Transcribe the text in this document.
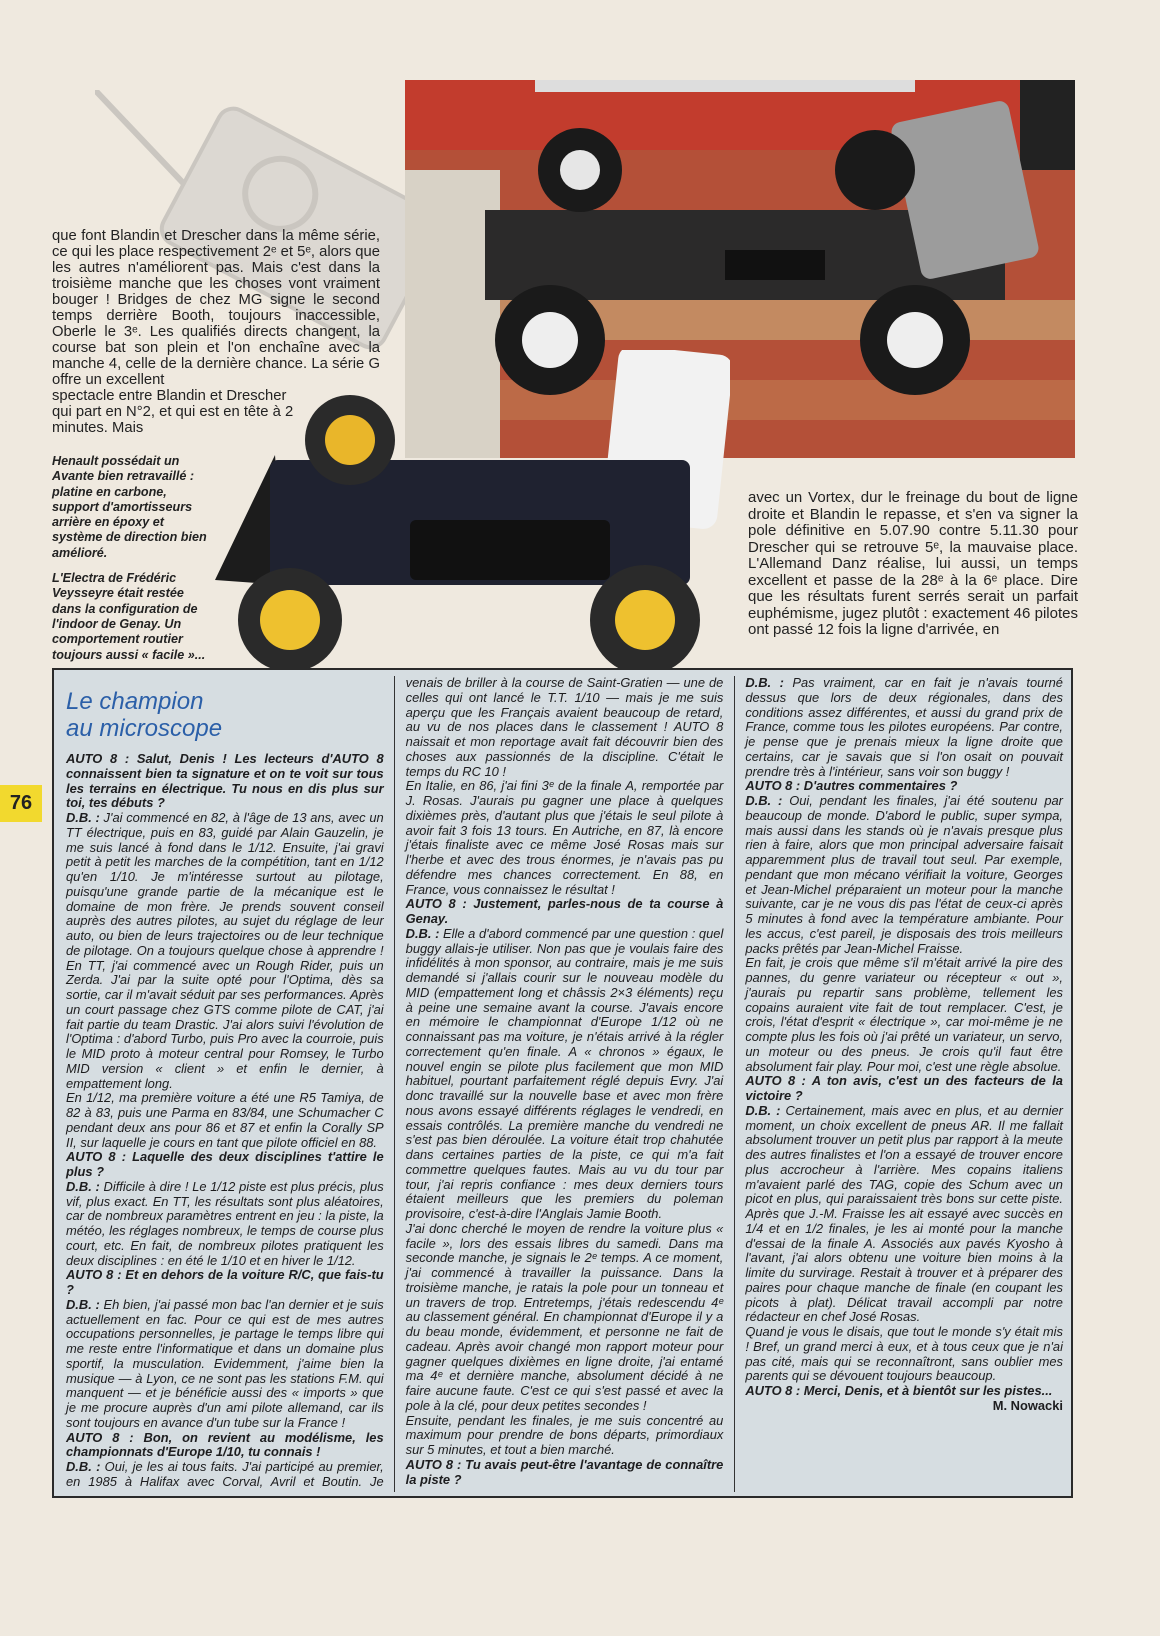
que font Blandin et Drescher dans la même série, ce qui les place respectivement 2ᵉ et 5ᵉ, alors que les autres n'améliorent pas. Mais c'est dans la troisième manche que les choses vont vraiment bouger ! Bridges de chez MG signe le second temps derrière Booth, toujours inaccessible, Oberle le 3ᵉ. Les qualifiés directs changent, la course bat son plein et l'on enchaîne avec la manche 4, celle de la dernière chance. La série G offre un excellent
spectacle entre Blandin et Drescher qui part en N°2, et qui est en tête à 2 minutes. Mais

Henault possédait un Avante bien retravaillé : platine en carbone, support d'amortisseurs arrière en époxy et système de direction bien amélioré.

L'Electra de Frédéric Veysseyre était restée dans la configuration de l'indoor de Genay. Un comportement routier toujours aussi « facile »...

avec un Vortex, dur le freinage du bout de ligne droite et Blandin le repasse, et s'en va signer la pole définitive en 5.07.90 contre 5.11.30 pour Drescher qui se retrouve 5ᵉ, la mauvaise place. L'Allemand Danz réalise, lui aussi, un temps excellent et passe de la 28ᵉ à la 6ᵉ place. Dire que les résultats furent serrés serait un parfait euphémisme, jugez plutôt : exactement 46 pilotes ont passé 12 fois la ligne d'arrivée, en
76
Le champion
au microscope

AUTO 8 : Salut, Denis ! Les lecteurs d'AUTO 8 connaissent bien ta signature et on te voit sur tous les terrains en électrique. Tu nous en dis plus sur toi, tes débuts ?

D.B. : J'ai commencé en 82, à l'âge de 13 ans, avec un TT électrique, puis en 83, guidé par Alain Gauzelin, je me suis lancé à fond dans le 1/12. Ensuite, j'ai gravi petit à petit les marches de la compétition, tant en 1/12 qu'en 1/10. Je m'intéresse surtout au pilotage, puisqu'une grande partie de la mécanique est le domaine de mon frère. Je prends souvent conseil auprès des autres pilotes, au sujet du réglage de leur auto, ou bien de leurs trajectoires ou de leur technique de pilotage. On a toujours quelque chose à apprendre ! En TT, j'ai commencé avec un Rough Rider, puis un Zerda. J'ai par la suite opté pour l'Optima, dès sa sortie, car il m'avait séduit par ses performances. Après un court passage chez GTS comme pilote de CAT, j'ai fait partie du team Drastic. J'ai alors suivi l'évolution de l'Optima : d'abord Turbo, puis Pro avec la courroie, puis le MID proto à moteur central pour Romsey, le Turbo MID version « client » et enfin le dernier, à empattement long.

En 1/12, ma première voiture a été une R5 Tamiya, de 82 à 83, puis une Parma en 83/84, une Schumacher C pendant deux ans pour 86 et 87 et enfin la Corally SP II, sur laquelle je cours en tant que pilote officiel en 88.

AUTO 8 : Laquelle des deux disciplines t'attire le plus ?

D.B. : Difficile à dire ! Le 1/12 piste est plus précis, plus vif, plus exact. En TT, les résultats sont plus aléatoires, car de nombreux paramètres entrent en jeu : la piste, la météo, les réglages nombreux, le temps de course plus court, etc. En fait, de nombreux pilotes pratiquent les deux disciplines : en été le 1/10 et en hiver le 1/12.

AUTO 8 : Et en dehors de la voiture R/C, que fais-tu ?

D.B. : Eh bien, j'ai passé mon bac l'an dernier et je suis actuellement en fac. Pour ce qui est de mes autres occupations personnelles, je partage le temps libre qui me reste entre l'informatique et dans un domaine plus sportif, la musculation. Evidemment, j'aime bien la musique — à Lyon, ce ne sont pas les stations F.M. qui manquent — et je bénéficie aussi des « imports » que je me procure auprès d'un ami pilote allemand, car ils sont toujours en avance d'un tube sur la France !

AUTO 8 : Bon, on revient au modélisme, les championnats d'Europe 1/10, tu connais !

D.B. : Oui, je les ai tous faits. J'ai participé au premier, en 1985 à Halifax avec Corval, Avril et Boutin. Je venais de briller à la course de Saint-Gratien — une de celles qui ont lancé le T.T. 1/10 — mais je me suis aperçu que les Français avaient beaucoup de retard, au vu de nos places dans le classement ! AUTO 8 naissait et mon reportage avait fait découvrir bien des choses aux passionnés de la discipline. C'était le temps du RC 10 !

En Italie, en 86, j'ai fini 3ᵉ de la finale A, remportée par J. Rosas. J'aurais pu gagner une place à quelques dixièmes près, d'autant plus que j'étais le seul pilote à avoir fait 3 fois 13 tours. En Autriche, en 87, là encore j'étais finaliste avec ce même José Rosas mais sur l'herbe et avec des trous énormes, je n'avais pas pu défendre mes chances correctement. En 88, en France, vous connaissez le résultat !

AUTO 8 : Justement, parles-nous de ta course à Genay.

D.B. : Elle a d'abord commencé par une question : quel buggy allais-je utiliser. Non pas que je voulais faire des infidélités à mon sponsor, au contraire, mais je me suis demandé si j'allais courir sur le nouveau modèle du MID (empattement long et châssis 2×3 éléments) reçu à peine une semaine avant la course. J'avais encore en mémoire le championnat d'Europe 1/12 où ne connaissant pas ma voiture, je n'étais arrivé à la régler correctement qu'en finale. A « chronos » égaux, le nouvel engin se pilote plus facilement que mon MID habituel, pourtant parfaitement réglé depuis Evry. J'ai donc travaillé sur la nouvelle base et avec mon frère nous avons essayé différents réglages le vendredi, en essais contrôlés. La première manche du vendredi ne s'est pas bien déroulée. La voiture était trop chahutée dans certaines parties de la piste, ce qui m'a fait commettre quelques fautes. Mais au vu du tour par tour, j'ai repris confiance : mes deux derniers tours étaient meilleurs que les premiers du poleman provisoire, c'est-à-dire l'Anglais Jamie Booth.

J'ai donc cherché le moyen de rendre la voiture plus « facile », lors des essais libres du samedi. Dans ma seconde manche, je signais le 2ᵉ temps. A ce moment, j'ai commencé à travailler la puissance. Dans la troisième manche, je ratais la pole pour un tonneau et un travers de trop. Entretemps, j'étais redescendu 4ᵉ au classement général. En championnat d'Europe il y a du beau monde, évidemment, et personne ne fait de cadeau. Après avoir changé mon rapport moteur pour gagner quelques dixièmes en ligne droite, j'ai entamé ma 4ᵉ et dernière manche, absolument décidé à ne faire aucune faute. C'est ce qui s'est passé et avec la pole à la clé, pour deux petites secondes !

Ensuite, pendant les finales, je me suis concentré au maximum pour prendre de bons départs, primordiaux sur 5 minutes, et tout a bien marché.

AUTO 8 : Tu avais peut-être l'avantage de connaître la piste ?

D.B. : Pas vraiment, car en fait je n'avais tourné dessus que lors de deux régionales, dans des conditions assez différentes, et aussi du grand prix de France, comme tous les pilotes européens. Par contre, je pense que je prenais mieux la ligne droite que certains, car je savais que si l'on osait on pouvait prendre très à l'intérieur, sans voir son buggy !

AUTO 8 : D'autres commentaires ?

D.B. : Oui, pendant les finales, j'ai été soutenu par beaucoup de monde. D'abord le public, super sympa, mais aussi dans les stands où je n'avais presque plus rien à faire, alors que mon principal adversaire faisait apparemment plus de travail tout seul. Par exemple, pendant que mon mécano vérifiait la voiture, Georges et Jean-Michel préparaient un moteur pour la manche suivante, car je ne vous dis pas l'état de ceux-ci après 5 minutes à fond avec la température ambiante. Pour les accus, c'est pareil, je disposais des trois meilleurs packs prêtés par Jean-Michel Fraisse.

En fait, je crois que même s'il m'était arrivé la pire des pannes, du genre variateur ou récepteur « out », j'aurais pu repartir sans problème, tellement les copains auraient vite fait de tout remplacer. C'est, je crois, l'état d'esprit « électrique », car moi-même je ne compte plus les fois où j'ai prêté un variateur, un servo, un moteur ou des pneus. Je crois qu'il faut être absolument fair play. Pour moi, c'est une règle absolue.

AUTO 8 : A ton avis, c'est un des facteurs de la victoire ?

D.B. : Certainement, mais avec en plus, et au dernier moment, un choix excellent de pneus AR. Il me fallait absolument trouver un petit plus par rapport à la meute des autres finalistes et l'on a essayé de trouver encore plus accrocheur à l'arrière. Mes copains italiens m'avaient parlé des TAG, copie des Schum avec un picot en plus, qui paraissaient très bons sur cette piste. Après que J.-M. Fraisse les ait essayé avec succès en 1/4 et en 1/2 finales, je les ai monté pour la manche d'essai de la finale A. Associés aux pavés Kyosho à l'avant, j'ai alors obtenu une voiture bien moins à la limite du survirage. Restait à trouver et à préparer des paires pour chaque manche de finale (en coupant les picots à plat). Délicat travail accompli par notre rédacteur en chef José Rosas.

Quand je vous le disais, que tout le monde s'y était mis ! Bref, un grand merci à eux, et à tous ceux que je n'ai pas cité, mais qui se reconnaîtront, sans oublier mes parents qui se dévouent toujours beaucoup.

AUTO 8 : Merci, Denis, et à bientôt sur les pistes...

M. Nowacki
